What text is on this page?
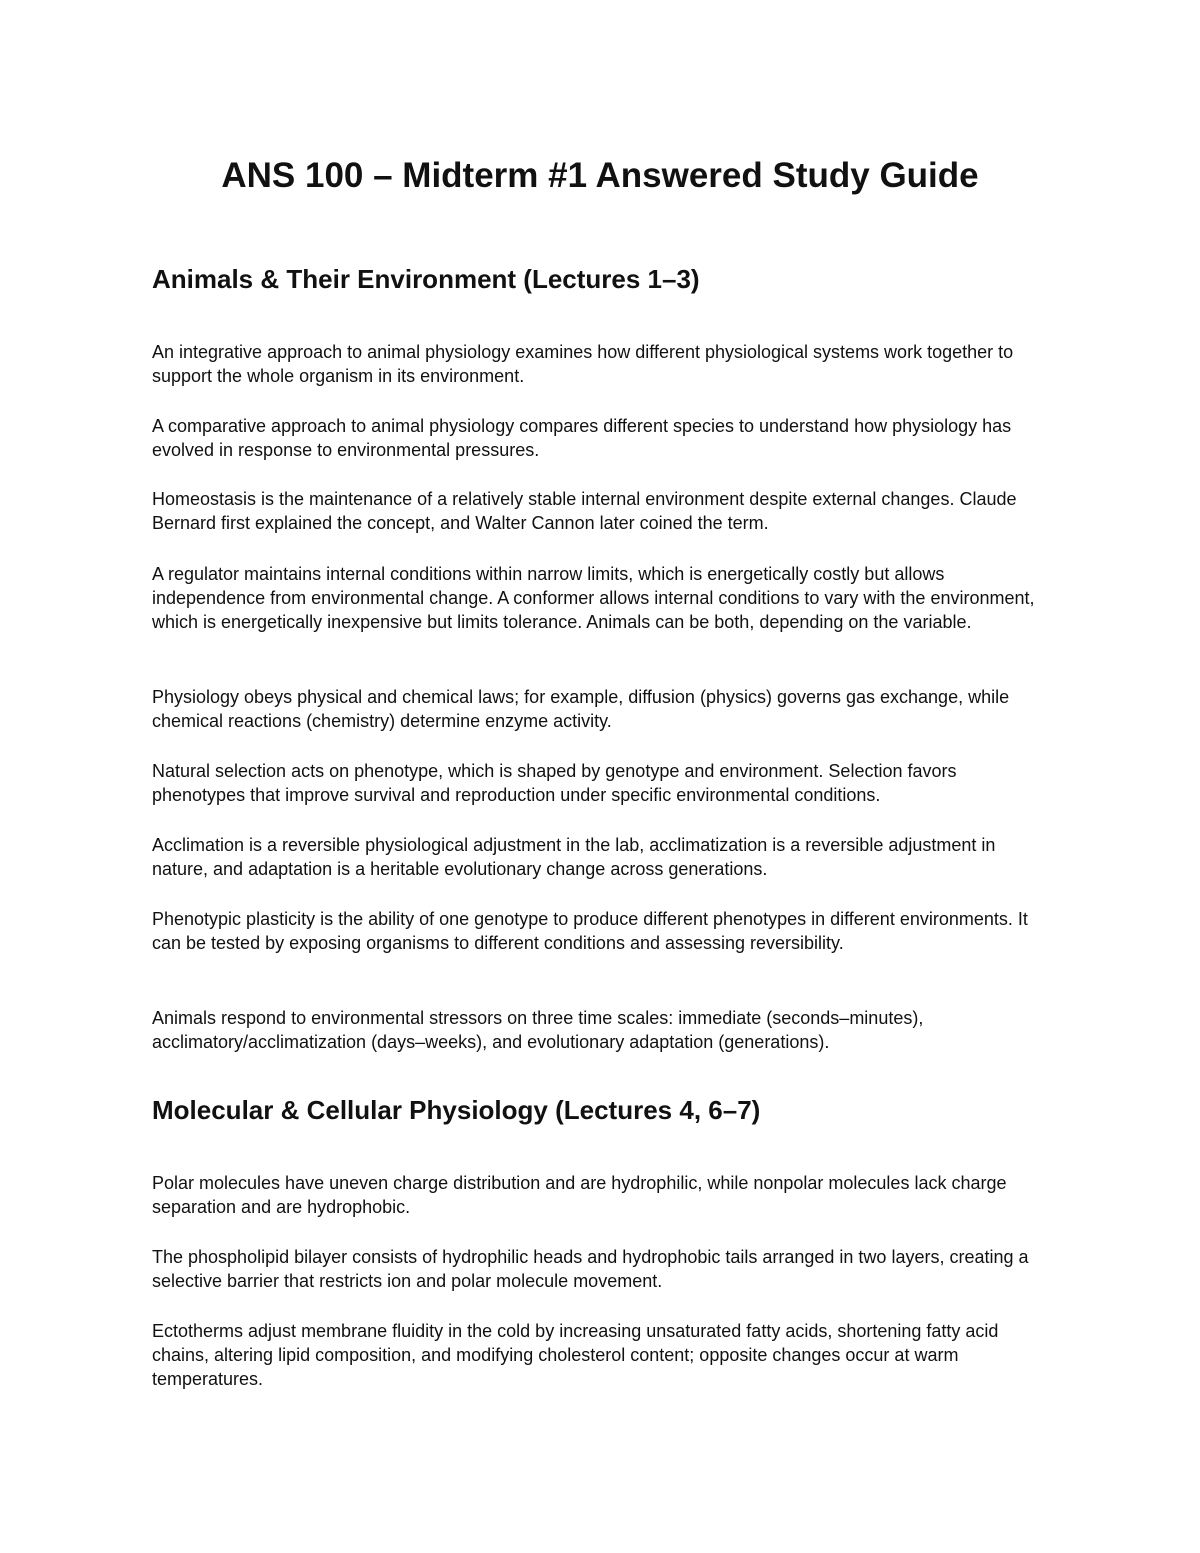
ANS 100 – Midterm #1 Answered Study Guide
Animals & Their Environment (Lectures 1–3)

An integrative approach to animal physiology examines how different physiological systems work together to support the whole organism in its environment.

A comparative approach to animal physiology compares different species to understand how physiology has evolved in response to environmental pressures.

Homeostasis is the maintenance of a relatively stable internal environment despite external changes. Claude Bernard first explained the concept, and Walter Cannon later coined the term.

A regulator maintains internal conditions within narrow limits, which is energetically costly but allows independence from environmental change. A conformer allows internal conditions to vary with the environment, which is energetically inexpensive but limits tolerance. Animals can be both, depending on the variable.

Physiology obeys physical and chemical laws; for example, diffusion (physics) governs gas exchange, while chemical reactions (chemistry) determine enzyme activity.

Natural selection acts on phenotype, which is shaped by genotype and environment. Selection favors phenotypes that improve survival and reproduction under specific environmental conditions.

Acclimation is a reversible physiological adjustment in the lab, acclimatization is a reversible adjustment in nature, and adaptation is a heritable evolutionary change across generations.

Phenotypic plasticity is the ability of one genotype to produce different phenotypes in different environments. It can be tested by exposing organisms to different conditions and assessing reversibility.

Animals respond to environmental stressors on three time scales: immediate (seconds–minutes), acclimatory/acclimatization (days–weeks), and evolutionary adaptation (generations).

Molecular & Cellular Physiology (Lectures 4, 6–7)

Polar molecules have uneven charge distribution and are hydrophilic, while nonpolar molecules lack charge separation and are hydrophobic.

The phospholipid bilayer consists of hydrophilic heads and hydrophobic tails arranged in two layers, creating a selective barrier that restricts ion and polar molecule movement.

Ectotherms adjust membrane fluidity in the cold by increasing unsaturated fatty acids, shortening fatty acid chains, altering lipid composition, and modifying cholesterol content; opposite changes occur at warm temperatures.
